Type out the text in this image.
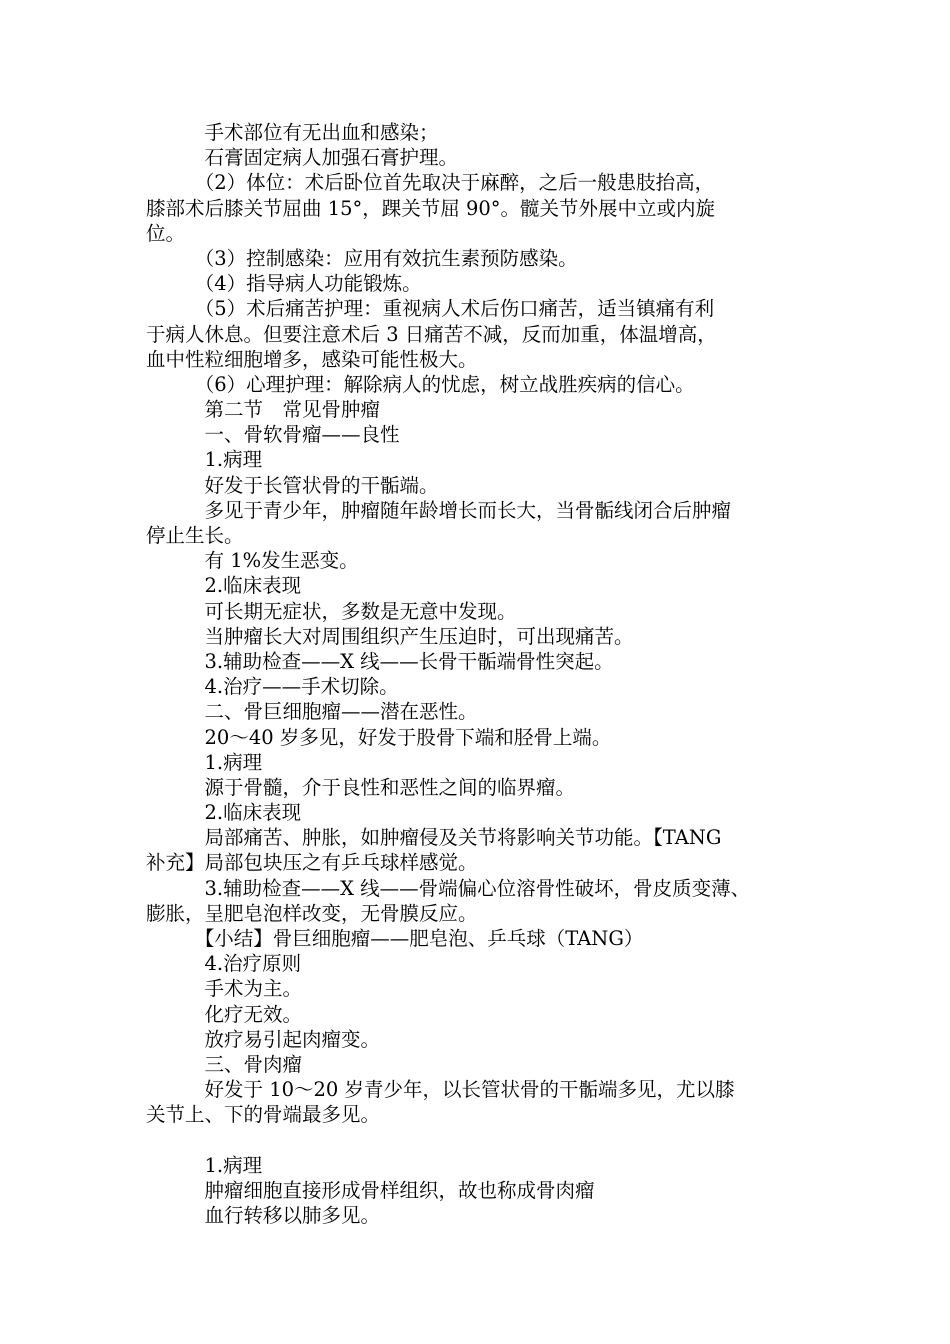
　　　手术部位有无出血和感染；
　　　石膏固定病人加强石膏护理。
　　　（2）体位：术后卧位首先取决于麻醉，之后一般患肢抬高，
膝部术后膝关节屈曲 15°，踝关节屈 90°。髋关节外展中立或内旋
位。
　　　（3）控制感染：应用有效抗生素预防感染。
　　　（4）指导病人功能锻炼。
　　　（5）术后痛苦护理：重视病人术后伤口痛苦，适当镇痛有利
于病人休息。但要注意术后 3 日痛苦不减，反而加重，体温增高，
血中性粒细胞增多，感染可能性极大。
　　　（6）心理护理：解除病人的忧虑，树立战胜疾病的信心。
　　　第二节　常见骨肿瘤
　　　一、骨软骨瘤——良性
　　　1.病理
　　　好发于长管状骨的干骺端。
　　　多见于青少年，肿瘤随年龄增长而长大，当骨骺线闭合后肿瘤
停止生长。
　　　有 1%发生恶变。
　　　2.临床表现
　　　可长期无症状，多数是无意中发现。
　　　当肿瘤长大对周围组织产生压迫时，可出现痛苦。
　　　3.辅助检查——X 线——长骨干骺端骨性突起。
　　　4.治疗——手术切除。
　　　二、骨巨细胞瘤——潜在恶性。
　　　20～40 岁多见，好发于股骨下端和胫骨上端。
　　　1.病理
　　　源于骨髓，介于良性和恶性之间的临界瘤。
　　　2.临床表现
　　　局部痛苦、肿胀，如肿瘤侵及关节将影响关节功能。【TANG
补充】局部包块压之有乒乓球样感觉。
　　　3.辅助检查——X 线——骨端偏心位溶骨性破坏，骨皮质变薄、
膨胀，呈肥皂泡样改变，无骨膜反应。
　　　【小结】骨巨细胞瘤——肥皂泡、乒乓球（TANG）
　　　4.治疗原则
　　　手术为主。
　　　化疗无效。
　　　放疗易引起肉瘤变。
　　　三、骨肉瘤
　　　好发于 10～20 岁青少年，以长管状骨的干骺端多见，尤以膝
关节上、下的骨端最多见。
　　　1.病理
　　　肿瘤细胞直接形成骨样组织，故也称成骨肉瘤
　　　血行转移以肺多见。
